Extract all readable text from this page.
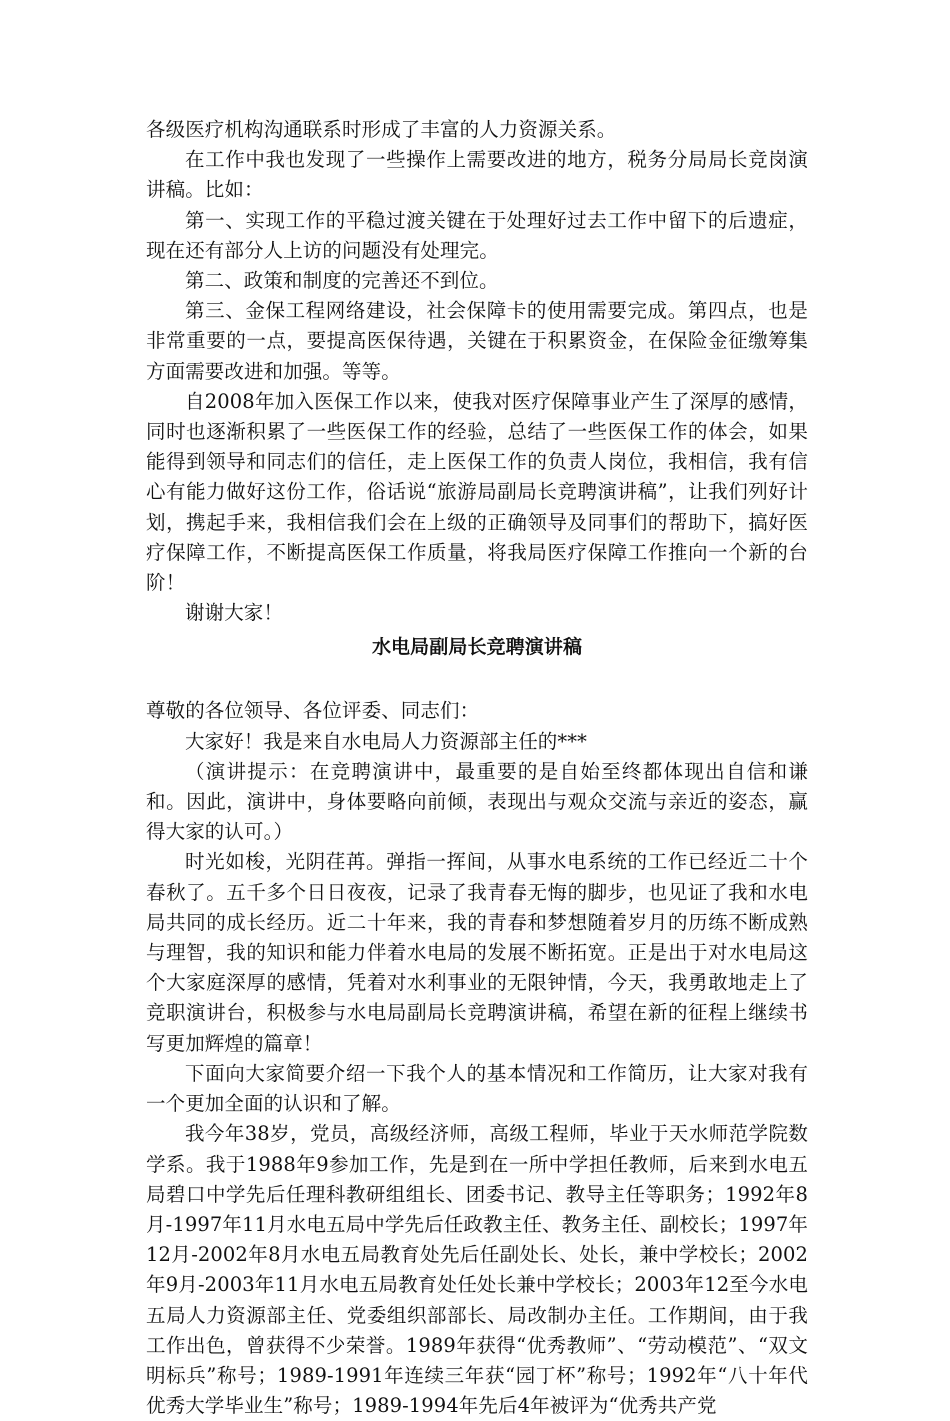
各级医疗机构沟通联系时形成了丰富的人力资源关系。

在工作中我也发现了一些操作上需要改进的地方，税务分局局长竞岗演讲稿。比如：

第一、实现工作的平稳过渡关键在于处理好过去工作中留下的后遗症，现在还有部分人上访的问题没有处理完。

第二、政策和制度的完善还不到位。

第三、金保工程网络建设，社会保障卡的使用需要完成。第四点，也是非常重要的一点，要提高医保待遇，关键在于积累资金，在保险金征缴筹集方面需要改进和加强。等等。

自2008年加入医保工作以来，使我对医疗保障事业产生了深厚的感情，同时也逐渐积累了一些医保工作的经验，总结了一些医保工作的体会，如果能得到领导和同志们的信任，走上医保工作的负责人岗位，我相信，我有信心有能力做好这份工作，俗话说“旅游局副局长竞聘演讲稿”，让我们列好计划，携起手来，我相信我们会在上级的正确领导及同事们的帮助下，搞好医疗保障工作，不断提高医保工作质量，将我局医疗保障工作推向一个新的台阶！

谢谢大家！

水电局副局长竞聘演讲稿

尊敬的各位领导、各位评委、同志们：

大家好！我是来自水电局人力资源部主任的***

（演讲提示：在竞聘演讲中，最重要的是自始至终都体现出自信和谦和。因此，演讲中，身体要略向前倾，表现出与观众交流与亲近的姿态，赢得大家的认可。）

时光如梭，光阴荏苒。弹指一挥间，从事水电系统的工作已经近二十个春秋了。五千多个日日夜夜，记录了我青春无悔的脚步，也见证了我和水电局共同的成长经历。近二十年来，我的青春和梦想随着岁月的历练不断成熟与理智，我的知识和能力伴着水电局的发展不断拓宽。正是出于对水电局这个大家庭深厚的感情，凭着对水利事业的无限钟情，今天，我勇敢地走上了竞职演讲台，积极参与水电局副局长竞聘演讲稿，希望在新的征程上继续书写更加辉煌的篇章！

下面向大家简要介绍一下我个人的基本情况和工作简历，让大家对我有一个更加全面的认识和了解。

我今年38岁，党员，高级经济师，高级工程师，毕业于天水师范学院数学系。我于1988年9参加工作，先是到在一所中学担任教师，后来到水电五局碧口中学先后任理科教研组组长、团委书记、教导主任等职务；1992年8月-1997年11月水电五局中学先后任政教主任、教务主任、副校长；1997年12月-2002年8月水电五局教育处先后任副处长、处长，兼中学校长；2002年9月-2003年11月水电五局教育处任处长兼中学校长；2003年12至今水电五局人力资源部主任、党委组织部部长、局改制办主任。工作期间，由于我工作出色，曾获得不少荣誉。1989年获得“优秀教师”、“劳动模范”、“双文明标兵”称号；1989-1991年连续三年获“园丁杯”称号；1992年“八十年代优秀大学毕业生”称号；1989-1994年先后4年被评为“优秀共产党
